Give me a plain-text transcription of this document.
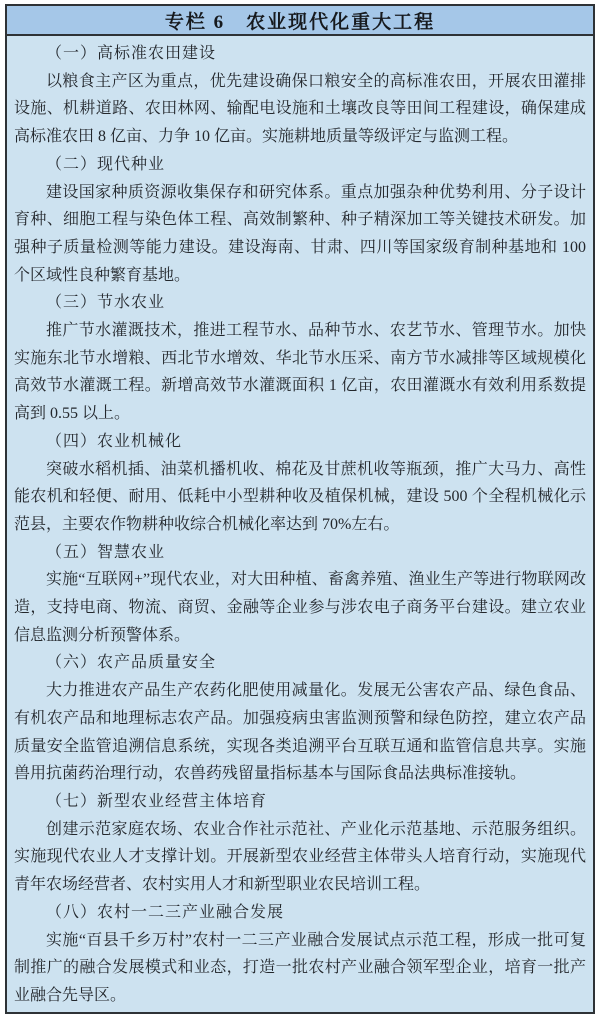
专栏 6　农业现代化重大工程

（一）高标准农田建设

以粮食主产区为重点，优先建设确保口粮安全的高标准农田，开展农田灌排设施、机耕道路、农田林网、输配电设施和土壤改良等田间工程建设，确保建成高标准农田 8 亿亩、力争 10 亿亩。实施耕地质量等级评定与监测工程。

（二）现代种业

建设国家种质资源收集保存和研究体系。重点加强杂种优势利用、分子设计育种、细胞工程与染色体工程、高效制繁种、种子精深加工等关键技术研发。加强种子质量检测等能力建设。建设海南、甘肃、四川等国家级育制种基地和 100 个区域性良种繁育基地。

（三）节水农业

推广节水灌溉技术，推进工程节水、品种节水、农艺节水、管理节水。加快实施东北节水增粮、西北节水增效、华北节水压采、南方节水减排等区域规模化高效节水灌溉工程。新增高效节水灌溉面积 1 亿亩，农田灌溉水有效利用系数提高到 0.55 以上。

（四）农业机械化

突破水稻机插、油菜机播机收、棉花及甘蔗机收等瓶颈，推广大马力、高性能农机和轻便、耐用、低耗中小型耕种收及植保机械，建设 500 个全程机械化示范县，主要农作物耕种收综合机械化率达到 70%左右。

（五）智慧农业

实施“互联网+”现代农业，对大田种植、畜禽养殖、渔业生产等进行物联网改造，支持电商、物流、商贸、金融等企业参与涉农电子商务平台建设。建立农业信息监测分析预警体系。

（六）农产品质量安全

大力推进农产品生产农药化肥使用减量化。发展无公害农产品、绿色食品、有机农产品和地理标志农产品。加强疫病虫害监测预警和绿色防控，建立农产品质量安全监管追溯信息系统，实现各类追溯平台互联互通和监管信息共享。实施兽用抗菌药治理行动，农兽药残留量指标基本与国际食品法典标准接轨。

（七）新型农业经营主体培育

创建示范家庭农场、农业合作社示范社、产业化示范基地、示范服务组织。实施现代农业人才支撑计划。开展新型农业经营主体带头人培育行动，实施现代青年农场经营者、农村实用人才和新型职业农民培训工程。

（八）农村一二三产业融合发展

实施“百县千乡万村”农村一二三产业融合发展试点示范工程，形成一批可复制推广的融合发展模式和业态，打造一批农村产业融合领军型企业，培育一批产业融合先导区。
